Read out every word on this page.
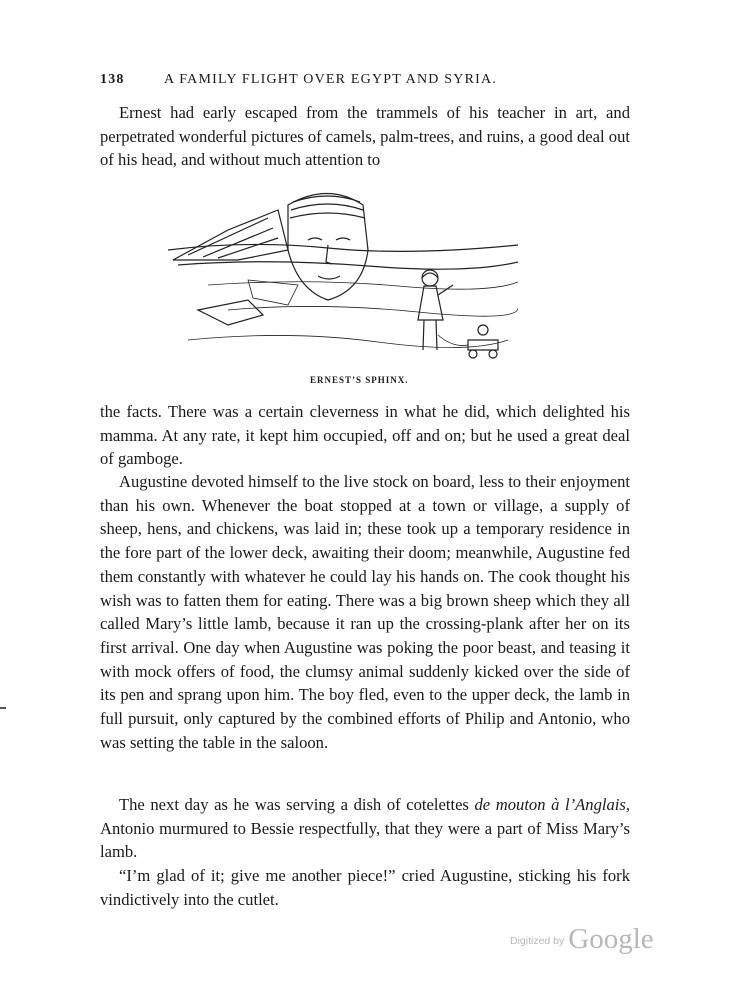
138	A FAMILY FLIGHT OVER EGYPT AND SYRIA.

Ernest had early escaped from the trammels of his teacher in art, and perpetrated wonderful pictures of camels, palm-trees, and ruins, a good deal out of his head, and without much attention to

ERNEST’S SPHINX.

the facts. There was a certain cleverness in what he did, which delighted his mamma. At any rate, it kept him occupied, off and on; but he used a great deal of gamboge.

Augustine devoted himself to the live stock on board, less to their enjoyment than his own. Whenever the boat stopped at a town or village, a supply of sheep, hens, and chickens, was laid in; these took up a temporary residence in the fore part of the lower deck, awaiting their doom; meanwhile, Augustine fed them constantly with whatever he could lay his hands on. The cook thought his wish was to fatten them for eating. There was a big brown sheep which they all called Mary’s little lamb, because it ran up the crossing-plank after her on its first arrival. One day when Augustine was poking the poor beast, and teasing it with mock offers of food, the clumsy animal suddenly kicked over the side of its pen and sprang upon him. The boy fled, even to the upper deck, the lamb in full pursuit, only captured by the combined efforts of Philip and Antonio, who was setting the table in the saloon.

The next day as he was serving a dish of cotelettes de mouton à l’Anglais, Antonio murmured to Bessie respectfully, that they were a part of Miss Mary’s lamb.

“I’m glad of it; give me another piece!” cried Augustine, sticking his fork vindictively into the cutlet.

$^{Digitized by}$ Google
